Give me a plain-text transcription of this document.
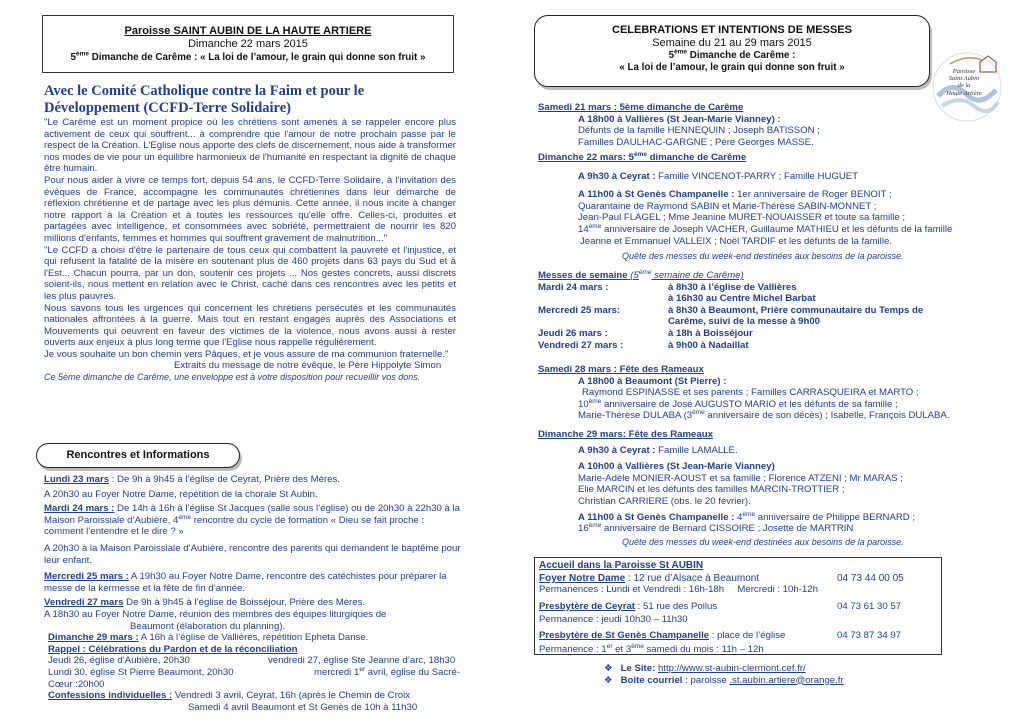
Paroisse SAINT AUBIN DE LA HAUTE ARTIERE
Dimanche 22 mars 2015
5ème Dimanche de Carême : « La loi de l’amour, le grain qui donne son fruit »
Avec le Comité Catholique contre la Faim et pour le Développement (CCFD-Terre Solidaire)

"Le Carême est un moment propice où les chrétiens sont amenés à se rappeler encore plus activement de ceux qui souffrent... à comprendre que l'amour de notre prochain passe par le respect de la Création. L'Eglise nous apporte des clefs de discernement, nous aide à transformer nos modes de vie pour un équilibre harmonieux de l'humanité en respectant la dignité de chaque être humain.

Pour nous aider à vivre ce temps fort, depuis 54 ans, le CCFD-Terre Solidaire, à l'invitation des évêques de France, accompagne les communautés chrétiennes dans leur démarche de réflexion chrétienne et de partage avec les plus démunis. Cette année, il nous incite à changer notre rapport à la Création et à toutes les ressources qu'elle offre. Celles-ci, produites et partagées avec intelligence, et consommées avec sobriété, permettraient de nourrir les 820 millions d'enfants, femmes et hommes qui souffrent gravement de malnutrition..."

"Le CCFD a choisi d'être le partenaire de tous ceux qui combattent la pauvreté et l'injustice, et qui refusent la fatalité de la misère en soutenant plus de 460 projets dans 63 pays du Sud et à l'Est... Chacun pourra, par un don, soutenir ces projets ... Nos gestes concrets, aussi discrets soient-ils, nous mettent en relation avec le Christ, caché dans ces rencontres avec les petits et les plus pauvres.

Nous savons tous les urgences qui concernent les chrétiens persécutés et les communautés nationales affrontées à la guerre. Mais tout en restant engagés auprès des Associations et Mouvements qui oeuvrent en faveur des victimes de la violence, nous avons aussi à rester ouverts aux enjeux à plus long terme que l'Eglise nous rappelle régulièrement.

Je vous souhaite un bon chemin vers Pâques, et je vous assure de ma communion fraternelle."

Extraits du message de notre évêque, le Père Hippolyte Simon

Ce 5ème dimanche de Carême, une enveloppe est à votre disposition pour recueillir vos dons.

Rencontres et Informations

Lundi 23 mars : De 9h à 9h45 à l’église de Ceyrat, Prière des Mères.

A 20h30 au Foyer Notre Dame, répétition de la chorale St Aubin.

Mardi 24 mars : De 14h à 16h à l’église St Jacques (salle sous l’église) ou de 20h30 à 22h30 à la Maison Paroissiale d’Aubière, 4ème rencontre du cycle de formation « Dieu se fait proche : comment l’entendre et le dire ? »

A 20h30 à la Maison Paroissiale d’Aubière, rencontre des parents qui demandent le baptême pour leur enfant.

Mercredi 25 mars : A 19h30 au Foyer Notre Dame, rencontre des catéchistes pour préparer la messe de la kermesse et la fête de fin d’année.

Vendredi 27 mars De 9h à 9h45 à l’église de Boisséjour, Prière des Mères.

A 18h30 au Foyer Notre Dame, réunion des membres des équipes liturgiques de

Beaumont (élaboration du planning).

Dimanche 29 mars : A 16h à l’église de Vallières, répétition Epheta Danse.

Rappel : Célébrations du Pardon et de la réconciliation

Jeudi 26, église d’Aubière, 20h30	vendredi 27, église Ste Jeanne d’arc, 18h30

Lundi 30, église St Pierre Beaumont, 20h30	mercredi 1er avril, église du Sacré-

Cœur :20h00

Confessions individuelles : Vendredi 3 avril, Ceyrat, 16h (après le Chemin de Croix

Samedi 4 avril Beaumont et St Genès de 10h à 11h30

CELEBRATIONS ET INTENTIONS DE MESSES
Semaine du 21 au 29 mars 2015
5ème Dimanche de Carême :
« La loi de l’amour, le grain qui donne son fruit »	Paroisse
Saint Aubin
de la
Haute Artière

Samedi 21 mars : 5ème dimanche de Carême

A 18h00 à Vallières (St Jean-Marie Vianney) :

Défunts de la famille HENNEQUIN ; Joseph BATISSON ;

Familles DAULHAC-GARGNE ; Père Georges MASSE.

Dimanche 22 mars: 5ème dimanche de Carême

A 9h30 à Ceyrat : Famille VINCENOT-PARRY ; Famille HUGUET

A 11h00 à St Genès Champanelle : 1er anniversaire de Roger BENOIT ;

Quarantaine de Raymond SABIN et Marie-Thérèse SABIN-MONNET ;

Jean-Paul FLAGEL ; Mme Jeanine MURET-NOUAISSER et toute sa famille ;

14ème anniversaire de Joseph VACHER, Guillaume MATHIEU et les défunts de la famille

Jeanne et Emmanuel VALLEIX ; Noël TARDIF et les défunts de la famille.

Quête des messes du week-end destinées aux besoins de la paroisse.

Messes de semaine (5ème semaine de Carême)

Mardi 24 mars :	à 8h30 à l’église de Vallières
à 16h30 au Centre Michel Barbat
Mercredi 25 mars:	à 8h30 à Beaumont, Prière communautaire du Temps de
Carême, suivi de la messe à 9h00
Jeudi 26 mars :	à 18h à Boisséjour
Vendredi 27 mars :	à 9h00 à Nadaillat

Samedi 28 mars : Fête des Rameaux

A 18h00 à Beaumont (St Pierre) :

Raymond ESPINASSE et ses parents ; Familles CARRASQUEIRA et MARTO ;

10ème anniversaire de José AUGUSTO MARIO et les défunts de sa famille ;

Marie-Thérèse DULABA (3ème anniversaire de son décès) ; Isabelle, François DULABA.

Dimanche 29 mars: Fête des Rameaux

A 9h30 à Ceyrat : Famille LAMALLE.

A 10h00 à Vallières (St Jean-Marie Vianney)

Marie-Adèle MONIER-AOUST et sa famille ; Florence ATZENI ; Mr MARAS ;

Elie MARCIN et les défunts des familles MARCIN-TROTTIER ;

Christian CARRIERE (obs. le 20 février).

A 11h00 à St Genès Champanelle : 4ème anniversaire de Philippe BERNARD ;

16ème anniversaire de Bernard CISSOIRE ; Josette de MARTRIN

Quête des messes du week-end destinées aux besoins de la paroisse.

Accueil dans la Paroisse St AUBIN

Foyer Notre Dame : 12 rue d’Alsace à Beaumont	04 73 44 00 05

Permanences : Lundi et Vendredi : 16h-18h     Mercredi : 10h-12h

Presbytère de Ceyrat : 51 rue des Poilus	04 73 61 30 57

Permanence : jeudi 10h30 – 11h30

Presbytère de St Genès Champanelle : place de l’église	04 73 87 34 97

Permanence : 1er et 3ème samedi du mois : 11h – 12h

❖ Le Site: http://www.st-aubin-clermont.cef.fr/

❖ Boite courriel : paroisse .st.aubin.artiere@orange.fr
